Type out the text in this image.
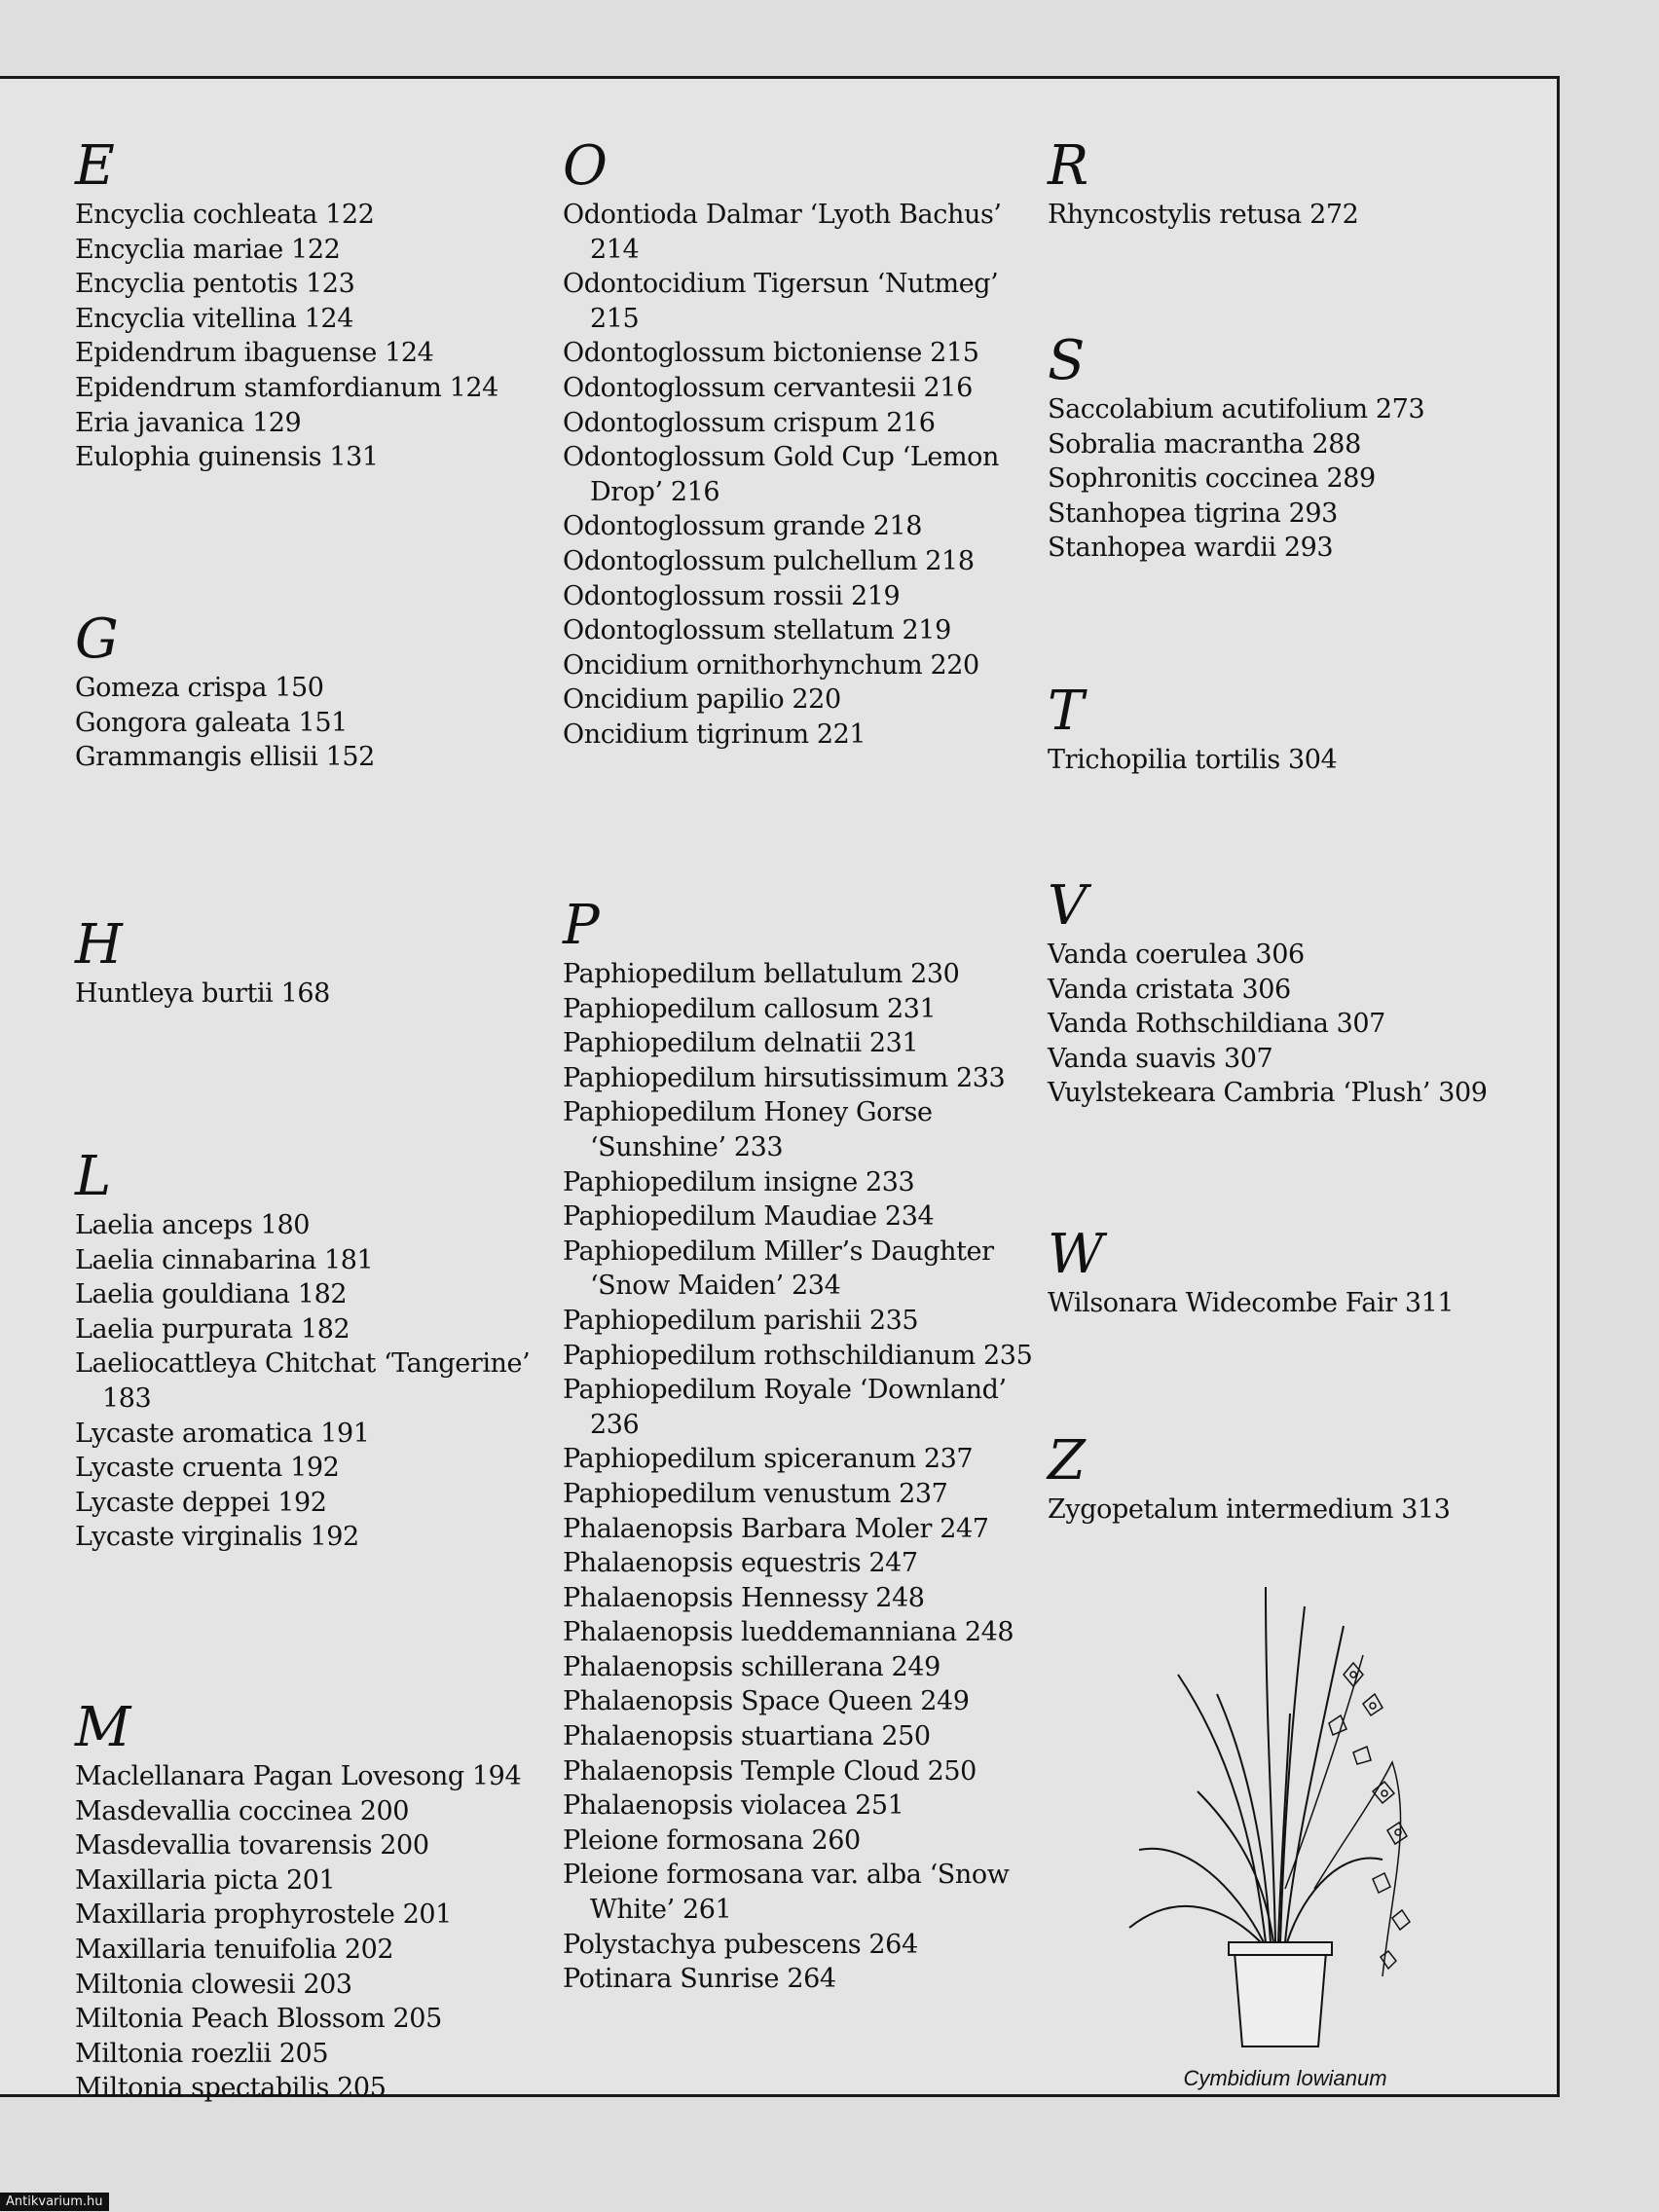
E
Encyclia cochleata 122
Encyclia mariae 122
Encyclia pentotis 123
Encyclia vitellina 124
Epidendrum ibaguense 124
Epidendrum stamfordianum 124
Eria javanica 129
Eulophia guinensis 131
G
Gomeza crispa 150
Gongora galeata 151
Grammangis ellisii 152
H
Huntleya burtii 168
L
Laelia anceps 180
Laelia cinnabarina 181
Laelia gouldiana 182
Laelia purpurata 182
Laeliocattleya Chitchat ‘Tangerine’ 183
Lycaste aromatica 191
Lycaste cruenta 192
Lycaste deppei 192
Lycaste virginalis 192
M
Maclellanara Pagan Lovesong 194
Masdevallia coccinea 200
Masdevallia tovarensis 200
Maxillaria picta 201
Maxillaria prophyrostele 201
Maxillaria tenuifolia 202
Miltonia clowesii 203
Miltonia Peach Blossom 205
Miltonia roezlii 205
Miltonia spectabilis 205
O
Odontioda Dalmar ‘Lyoth Bachus’ 214
Odontocidium Tigersun ‘Nutmeg’ 215
Odontoglossum bictoniense 215
Odontoglossum cervantesii 216
Odontoglossum crispum 216
Odontoglossum Gold Cup ‘Lemon Drop’ 216
Odontoglossum grande 218
Odontoglossum pulchellum 218
Odontoglossum rossii 219
Odontoglossum stellatum 219
Oncidium ornithorhynchum 220
Oncidium papilio 220
Oncidium tigrinum 221
P
Paphiopedilum bellatulum 230
Paphiopedilum callosum 231
Paphiopedilum delnatii 231
Paphiopedilum hirsutissimum 233
Paphiopedilum Honey Gorse ‘Sunshine’ 233
Paphiopedilum insigne 233
Paphiopedilum Maudiae 234
Paphiopedilum Miller’s Daughter ‘Snow Maiden’ 234
Paphiopedilum parishii 235
Paphiopedilum rothschildianum 235
Paphiopedilum Royale ‘Downland’ 236
Paphiopedilum spiceranum 237
Paphiopedilum venustum 237
Phalaenopsis Barbara Moler 247
Phalaenopsis equestris 247
Phalaenopsis Hennessy 248
Phalaenopsis lueddemanniana 248
Phalaenopsis schillerana 249
Phalaenopsis Space Queen 249
Phalaenopsis stuartiana 250
Phalaenopsis Temple Cloud 250
Phalaenopsis violacea 251
Pleione formosana 260
Pleione formosana var. alba ‘Snow White’ 261
Polystachya pubescens 264
Potinara Sunrise 264
R
Rhyncostylis retusa 272
S
Saccolabium acutifolium 273
Sobralia macrantha 288
Sophronitis coccinea 289
Stanhopea tigrina 293
Stanhopea wardii 293
T
Trichopilia tortilis 304
V
Vanda coerulea 306
Vanda cristata 306
Vanda Rothschildiana 307
Vanda suavis 307
Vuylstekeara Cambria ‘Plush’ 309
W
Wilsonara Widecombe Fair 311
Z
Zygopetalum intermedium 313
Cymbidium lowianum
Antikvarium.hu
